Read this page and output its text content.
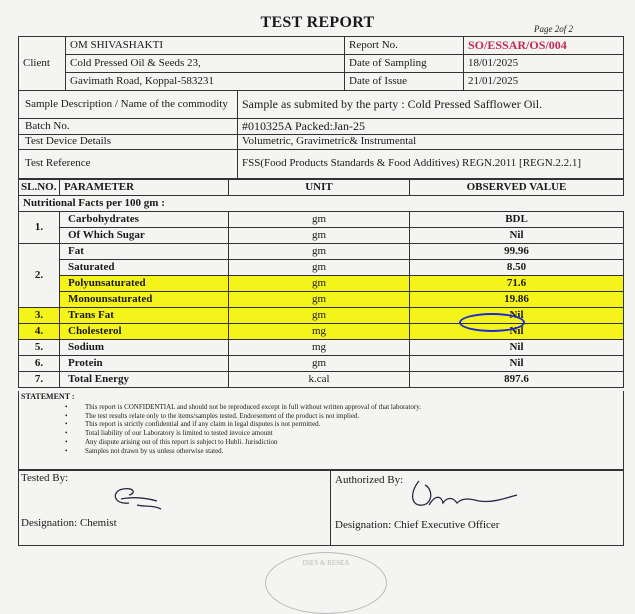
TEST REPORT	Page 2of 2
Client	OM SHIVASHAKTI	Report No.	SO/ESSAR/OS/004
	Cold Pressed Oil & Seeds 23,	Date of Sampling	18/01/2025
	Gavimath Road, Koppal-583231	Date of Issue	21/01/2025
Sample Description / Name of the commodity	Sample as submited by the party : Cold Pressed Safflower Oil.
Batch No.	#010325A Packed:Jan-25
Test Device Details	Volumetric, Gravimetric& Instrumental
Test Reference	FSS(Food Products Standards & Food Additives) REGN.2011 [REGN.2.2.1]
SL.NO.	PARAMETER	UNIT	OBSERVED VALUE
Nutritional Facts per 100 gm :			
1.	Carbohydrates	gm	BDL
	Of Which Sugar	gm	Nil
2.	Fat	gm	99.96
	Saturated	gm	8.50
	Polyunsaturated	gm	71.6
	Monounsaturated	gm	19.86
3.	Trans Fat	gm	Nil
4.	Cholesterol	mg	Nil
5.	Sodium	mg	Nil
6.	Protein	gm	Nil
7.	Total Energy	k.cal	897.6
STATEMENT :
• This report is CONFIDENTIAL and should not be reproduced except in full without written approval of that laboratory.
• The test results relate only to the items/samples tested. Endorsement of the product is not implied.
• This report is strictly confidential and if any claim in legal disputes is not permitted.
• Total liability of our Laboratory is limited to tested invoice amount
• Any dispute arising out of this report is subject to Hubli. Jurisdiction
• Samples not drawn by us unless otherwise stated.
Tested By:	Authorized By:
Designation: Chemist	Designation: Chief Executive Officer
DIES & RESEA
